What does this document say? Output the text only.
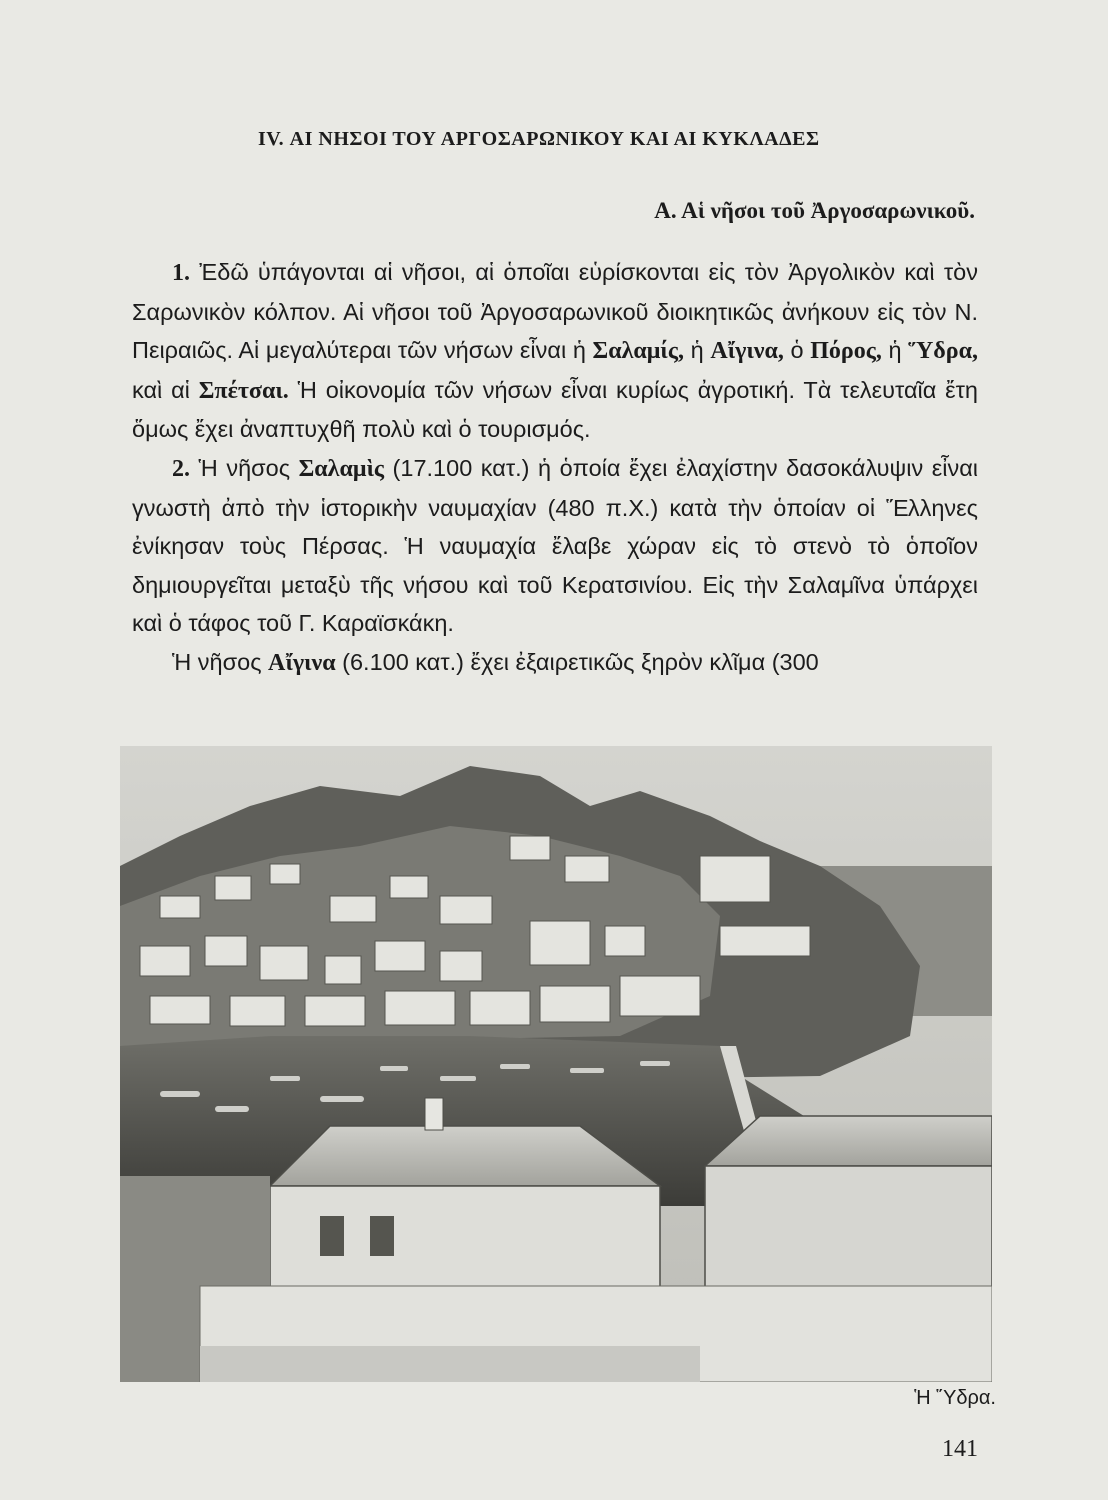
IV. ΑΙ ΝΗΣΟΙ ΤΟΥ ΑΡΓΟΣΑΡΩΝΙΚΟΥ ΚΑΙ ΑΙ ΚΥΚΛΑΔΕΣ
Α. Αἱ νῆσοι τοῦ Ἀργοσαρωνικοῦ.

1. Ἐδῶ ὑπάγονται αἱ νῆσοι, αἱ ὁποῖαι εὑρίσκονται εἰς τὸν Ἀργολικὸν καὶ τὸν Σαρωνικὸν κόλπον. Αἱ νῆσοι τοῦ Ἀργοσαρωνικοῦ διοικητικῶς ἀνήκουν εἰς τὸν Ν. Πειραιῶς. Αἱ μεγαλύτεραι τῶν νήσων εἶναι ἡ Σαλαμίς, ἡ Αἴγινα, ὁ Πόρος, ἡ Ὕδρα, καὶ αἱ Σπέτσαι. Ἡ οἰκονομία τῶν νήσων εἶναι κυρίως ἀγροτική. Τὰ τελευταῖα ἔτη ὅμως ἔχει ἀναπτυχθῆ πολὺ καὶ ὁ τουρισμός.

2. Ἡ νῆσος Σαλαμὶς (17.100 κατ.) ἡ ὁποία ἔχει ἐλαχίστην δασοκάλυψιν εἶναι γνωστὴ ἀπὸ τὴν ἱστορικὴν ναυμαχίαν (480 π.Χ.) κατὰ τὴν ὁποίαν οἱ Ἕλληνες ἐνίκησαν τοὺς Πέρσας. Ἡ ναυμαχία ἔλαβε χώραν εἰς τὸ στενὸ τὸ ὁποῖον δημιουργεῖται μεταξὺ τῆς νήσου καὶ τοῦ Κερατσινίου. Εἰς τὴν Σαλαμῖνα ὑπάρχει καὶ ὁ τάφος τοῦ Γ. Καραϊσκάκη.

Ἡ νῆσος Αἴγινα (6.100 κατ.) ἔχει ἐξαιρετικῶς ξηρὸν κλῖμα (300

Ἡ Ὕδρα.

141
